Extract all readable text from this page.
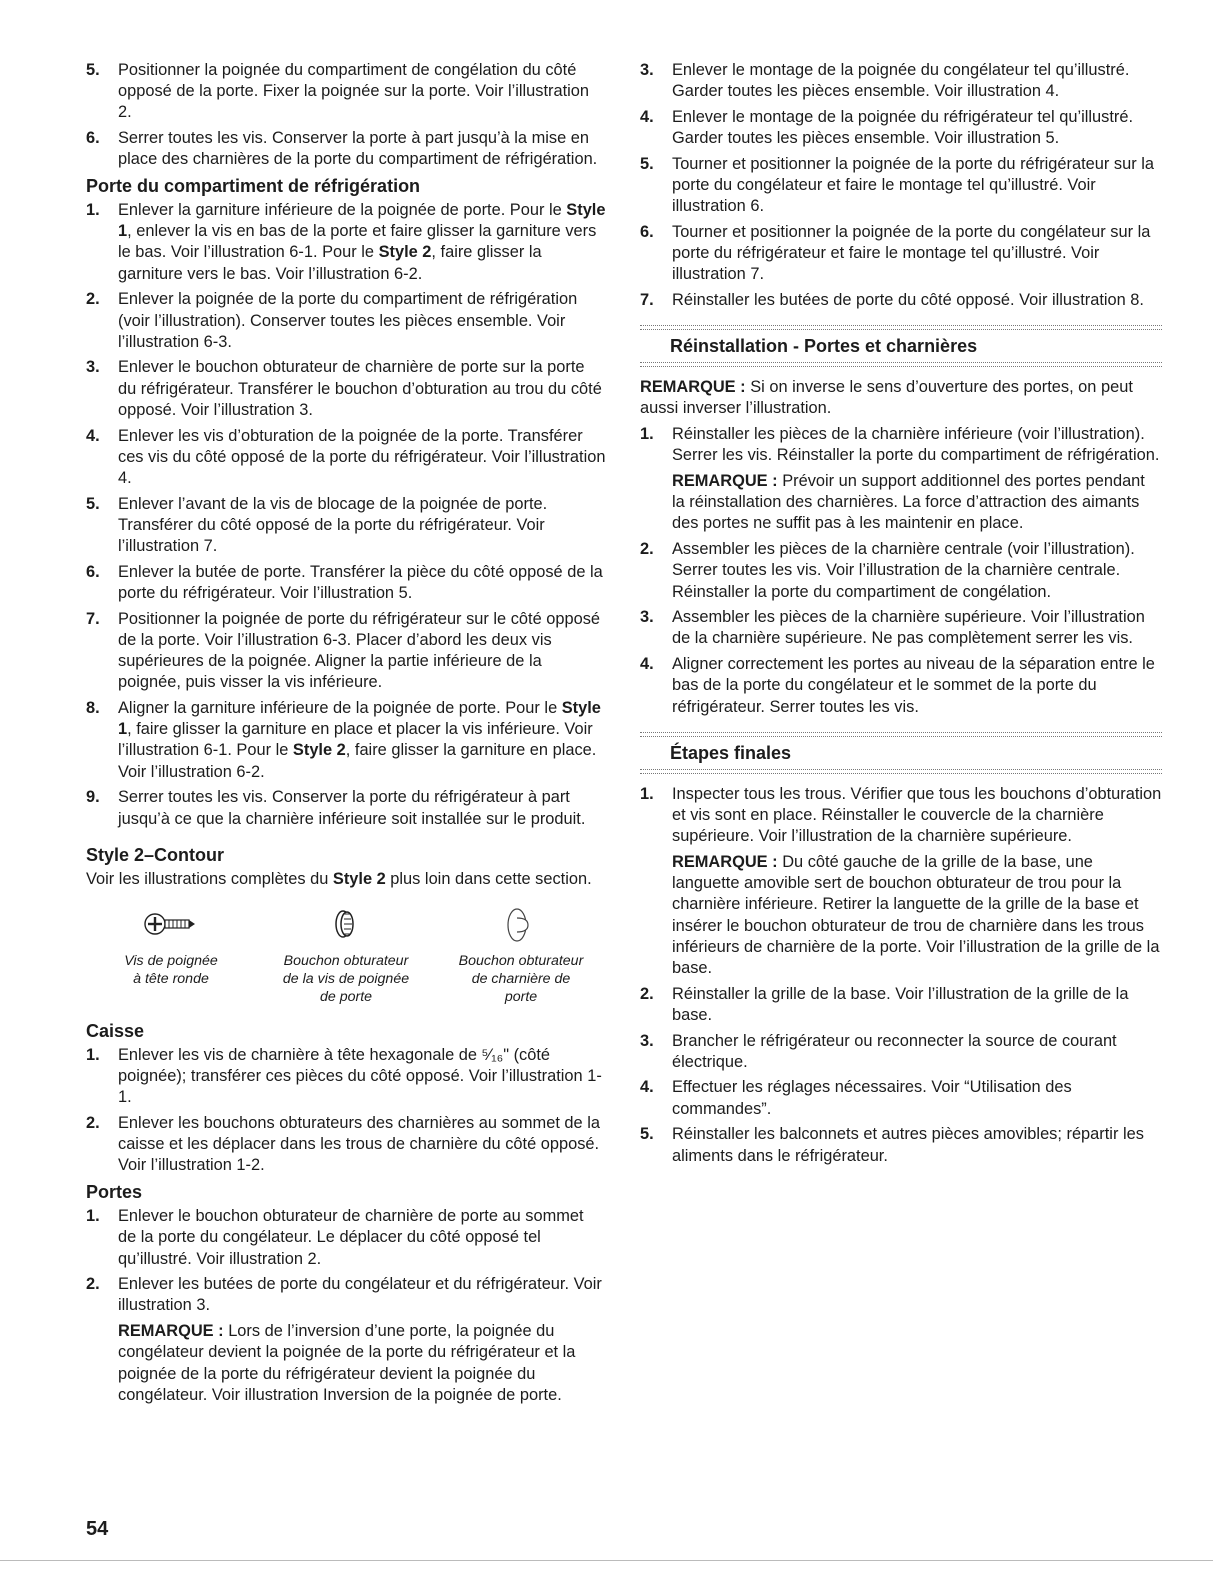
5.	Positionner la poignée du compartiment de congélation du côté opposé de la porte. Fixer la poignée sur la porte. Voir l’illustration 2.
6.	Serrer toutes les vis. Conserver la porte à part jusqu’à la mise en place des charnières de la porte du compartiment de réfrigération.
Porte du compartiment de réfrigération
1.	Enlever la garniture inférieure de la poignée de porte. Pour le Style 1, enlever la vis en bas de la porte et faire glisser la garniture vers le bas. Voir l’illustration 6-1. Pour le Style 2, faire glisser la garniture vers le bas. Voir l’illustration 6-2.
2.	Enlever la poignée de la porte du compartiment de réfrigération (voir l’illustration). Conserver toutes les pièces ensemble. Voir l’illustration 6-3.
3.	Enlever le bouchon obturateur de charnière de porte sur la porte du réfrigérateur. Transférer le bouchon d’obturation au trou du côté opposé. Voir l’illustration 3.
4.	Enlever les vis d’obturation de la poignée de la porte. Transférer ces vis du côté opposé de la porte du réfrigérateur. Voir l’illustration 4.
5.	Enlever l’avant de la vis de blocage de la poignée de porte. Transférer du côté opposé de la porte du réfrigérateur. Voir l’illustration 7.
6.	Enlever la butée de porte. Transférer la pièce du côté opposé de la porte du réfrigérateur. Voir l’illustration 5.
7.	Positionner la poignée de porte du réfrigérateur sur le côté opposé de la porte. Voir l’illustration 6-3. Placer d’abord les deux vis supérieures de la poignée. Aligner la partie inférieure de la poignée, puis visser la vis inférieure.
8.	Aligner la garniture inférieure de la poignée de porte. Pour le Style 1, faire glisser la garniture en place et placer la vis inférieure. Voir l’illustration 6-1. Pour le Style 2, faire glisser la garniture en place. Voir l’illustration 6-2.
9.	Serrer toutes les vis. Conserver la porte du réfrigérateur à part jusqu’à ce que la charnière inférieure soit installée sur le produit.
Style 2–Contour

Voir les illustrations complètes du Style 2 plus loin dans cette section.

Vis de poignée
à tête ronde
Bouchon obturateur
de la vis de poignée
de porte
Bouchon obturateur
de charnière de
porte
Caisse
1.	Enlever les vis de charnière à tête hexagonale de ⁵⁄₁₆" (côté poignée); transférer ces pièces du côté opposé. Voir l’illustration 1-1.
2.	Enlever les bouchons obturateurs des charnières au sommet de la caisse et les déplacer dans les trous de charnière du côté opposé. Voir l’illustration 1-2.
Portes
1.	Enlever le bouchon obturateur de charnière de porte au sommet de la porte du congélateur. Le déplacer du côté opposé tel qu’illustré. Voir illustration 2.
2.	Enlever les butées de porte du congélateur et du réfrigérateur. Voir illustration 3.

REMARQUE : Lors de l’inversion d’une porte, la poignée du congélateur devient la poignée de la porte du réfrigérateur et la poignée de la porte du réfrigérateur devient la poignée du congélateur. Voir illustration Inversion de la poignée de porte.

3.	Enlever le montage de la poignée du congélateur tel qu’illustré. Garder toutes les pièces ensemble. Voir illustration 4.
4.	Enlever le montage de la poignée du réfrigérateur tel qu’illustré. Garder toutes les pièces ensemble. Voir illustration 5.
5.	Tourner et positionner la poignée de la porte du réfrigérateur sur la porte du congélateur et faire le montage tel qu’illustré. Voir illustration 6.
6.	Tourner et positionner la poignée de la porte du congélateur sur la porte du réfrigérateur et faire le montage tel qu’illustré. Voir illustration 7.
7.	Réinstaller les butées de porte du côté opposé. Voir illustration 8.
Réinstallation - Portes et charnières

REMARQUE : Si on inverse le sens d’ouverture des portes, on peut aussi inverser l’illustration.

1.	Réinstaller les pièces de la charnière inférieure (voir l’illustration). Serrer les vis. Réinstaller la porte du compartiment de réfrigération.

REMARQUE : Prévoir un support additionnel des portes pendant la réinstallation des charnières. La force d’attraction des aimants des portes ne suffit pas à les maintenir en place.

2.	Assembler les pièces de la charnière centrale (voir l’illustration). Serrer toutes les vis. Voir l’illustration de la charnière centrale. Réinstaller la porte du compartiment de congélation.
3.	Assembler les pièces de la charnière supérieure. Voir l’illustration de la charnière supérieure. Ne pas complètement serrer les vis.
4.	Aligner correctement les portes au niveau de la séparation entre le bas de la porte du congélateur et le sommet de la porte du réfrigérateur. Serrer toutes les vis.
Étapes finales
1.	Inspecter tous les trous. Vérifier que tous les bouchons d’obturation et vis sont en place. Réinstaller le couvercle de la charnière supérieure. Voir l’illustration de la charnière supérieure.

REMARQUE : Du côté gauche de la grille de la base, une languette amovible sert de bouchon obturateur de trou pour la charnière inférieure. Retirer la languette de la grille de la base et insérer le bouchon obturateur de trou de charnière dans les trous inférieurs de charnière de la porte. Voir l’illustration de la grille de la base.

2.	Réinstaller la grille de la base. Voir l’illustration de la grille de la base.
3.	Brancher le réfrigérateur ou reconnecter la source de courant électrique.
4.	Effectuer les réglages nécessaires. Voir “Utilisation des commandes”.
5.	Réinstaller les balconnets et autres pièces amovibles; répartir les aliments dans le réfrigérateur.
54
